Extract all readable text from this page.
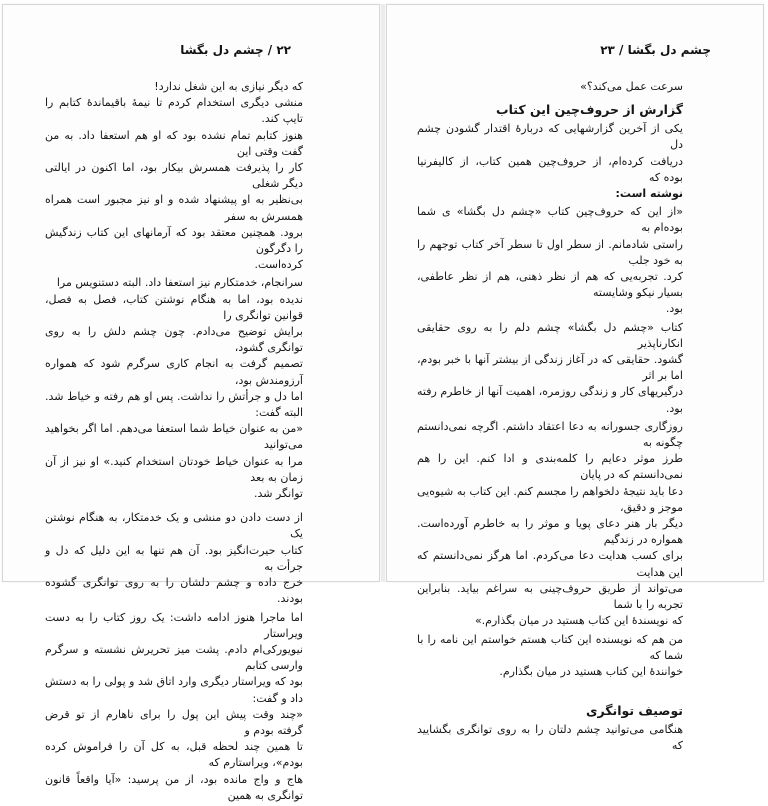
۲۲ / چشم دل بگشا

که دیگر نیازی به این شغل ندارد!

منشی دیگری استخدام کردم تا نیمهٔ باقیماندهٔ کتابم را تایپ کند.

هنوز کتابم تمام نشده بود که او هم استعفا داد. به من گفت وقتی این

کار را پذیرفت همسرش بیکار بود، اما اکنون در ایالتی دیگر شغلی

بی‌نظیر به او پیشنهاد شده و او نیز مجبور است همراه همسرش به سفر

برود. همچنین معتقد بود که آرمانهای این کتاب زندگیش را دگرگون

کرده‌است.

سرانجام، خدمتکارم نیز استعفا داد. البته دستنویس مرا

ندیده بود، اما به هنگام نوشتن کتاب، فصل به فصل، قوانین توانگری را

برایش توضیح می‌دادم. چون چشم دلش را به روی توانگری گشود،

تصمیم گرفت به انجام کاری سرگرم شود که همواره آرزومندش بود،

اما دل و جرأتش را نداشت. پس او هم رفته و خیاط شد. البته گفت:

«من به عنوان خیاط شما استعفا می‌دهم. اما اگر بخواهید می‌توانید

مرا به عنوان خیاط خودتان استخدام کنید.» او نیز از آن زمان به بعد

توانگر شد.

از دست دادن دو منشی و یک خدمتکار، به هنگام نوشتن یک

کتاب حیرت‌انگیز بود. آن هم تنها به این دلیل که دل و جرأت به

خرج داده و چشم دلشان را به روی توانگری گشوده بودند.

اما ماجرا هنوز ادامه داشت: یک روز کتاب را به دست ویراستار

نیویورکی‌ام دادم. پشت میز تحریرش نشسته و سرگرم وارسی کتابم

بود که ویراستار دیگری وارد اتاق شد و پولی را به دستش داد و گفت:

«چند وقت پیش این پول را برای ناهارم از تو قرض گرفته بودم و

تا همین چند لحظه قبل، به کل آن را فراموش کرده بودم»، ویراستارم که

هاج و واج مانده بود، از من پرسید: «آیا واقعاً قانون توانگری به همین

چشم دل بگشا / ۲۳

سرعت عمل می‌کند؟»

گزارش از حروف‌چین این کتاب

یکی از آخرین گزارشهایی که دربارهٔ اقتدار گشودن چشم دل

دریافت کرده‌ام، از حروف‌چین همین کتاب، از کالیفرنیا بوده که

نوشته است:

«از این که حروف‌چین کتاب «چشم دل بگشا» ی شما بوده‌ام به

راستی شادمانم. از سطر اول تا سطر آخر کتاب توجهم را به خود جلب

کرد. تجربه‌یی که هم از نظر ذهنی، هم از نظر عاطفی، بسیار نیکو وشایسته

بود.

کتاب «چشم دل بگشا» چشم دلم را به روی حقایقی انکارناپذیر

گشود. حقایقی که در آغاز زندگی از بیشتر آنها با خبر بودم، اما بر اثر

درگیریهای کار و زندگی روزمره، اهمیت آنها از خاطرم رفته بود.

روزگاری جسورانه به دعا اعتقاد داشتم. اگرچه نمی‌دانستم چگونه به

طرز موثر دعایم را کلمه‌بندی و ادا کنم. این را هم نمی‌دانستم که در پایان

دعا باید نتیجهٔ دلخواهم را مجسم کنم. این کتاب به شیوه‌یی موجز و دقیق،

دیگر بار هنر دعای پویا و موثر را به خاطرم آورده‌است. همواره در زندگیم

برای کسب هدایت دعا می‌کردم. اما هرگز نمی‌دانستم که این هدایت

می‌تواند از طریق حروف‌چینی به سراغم بیاید. بنابراین تجربه را با شما

که نویسندهٔ این کتاب هستید در میان بگذارم.»

من هم که نویسنده این کتاب هستم خواستم این نامه را با شما که

خوانندهٔ این کتاب هستید در میان بگذارم.

توصیف توانگری

هنگامی می‌توانید چشم دلتان را به روی توانگری بگشایید که
